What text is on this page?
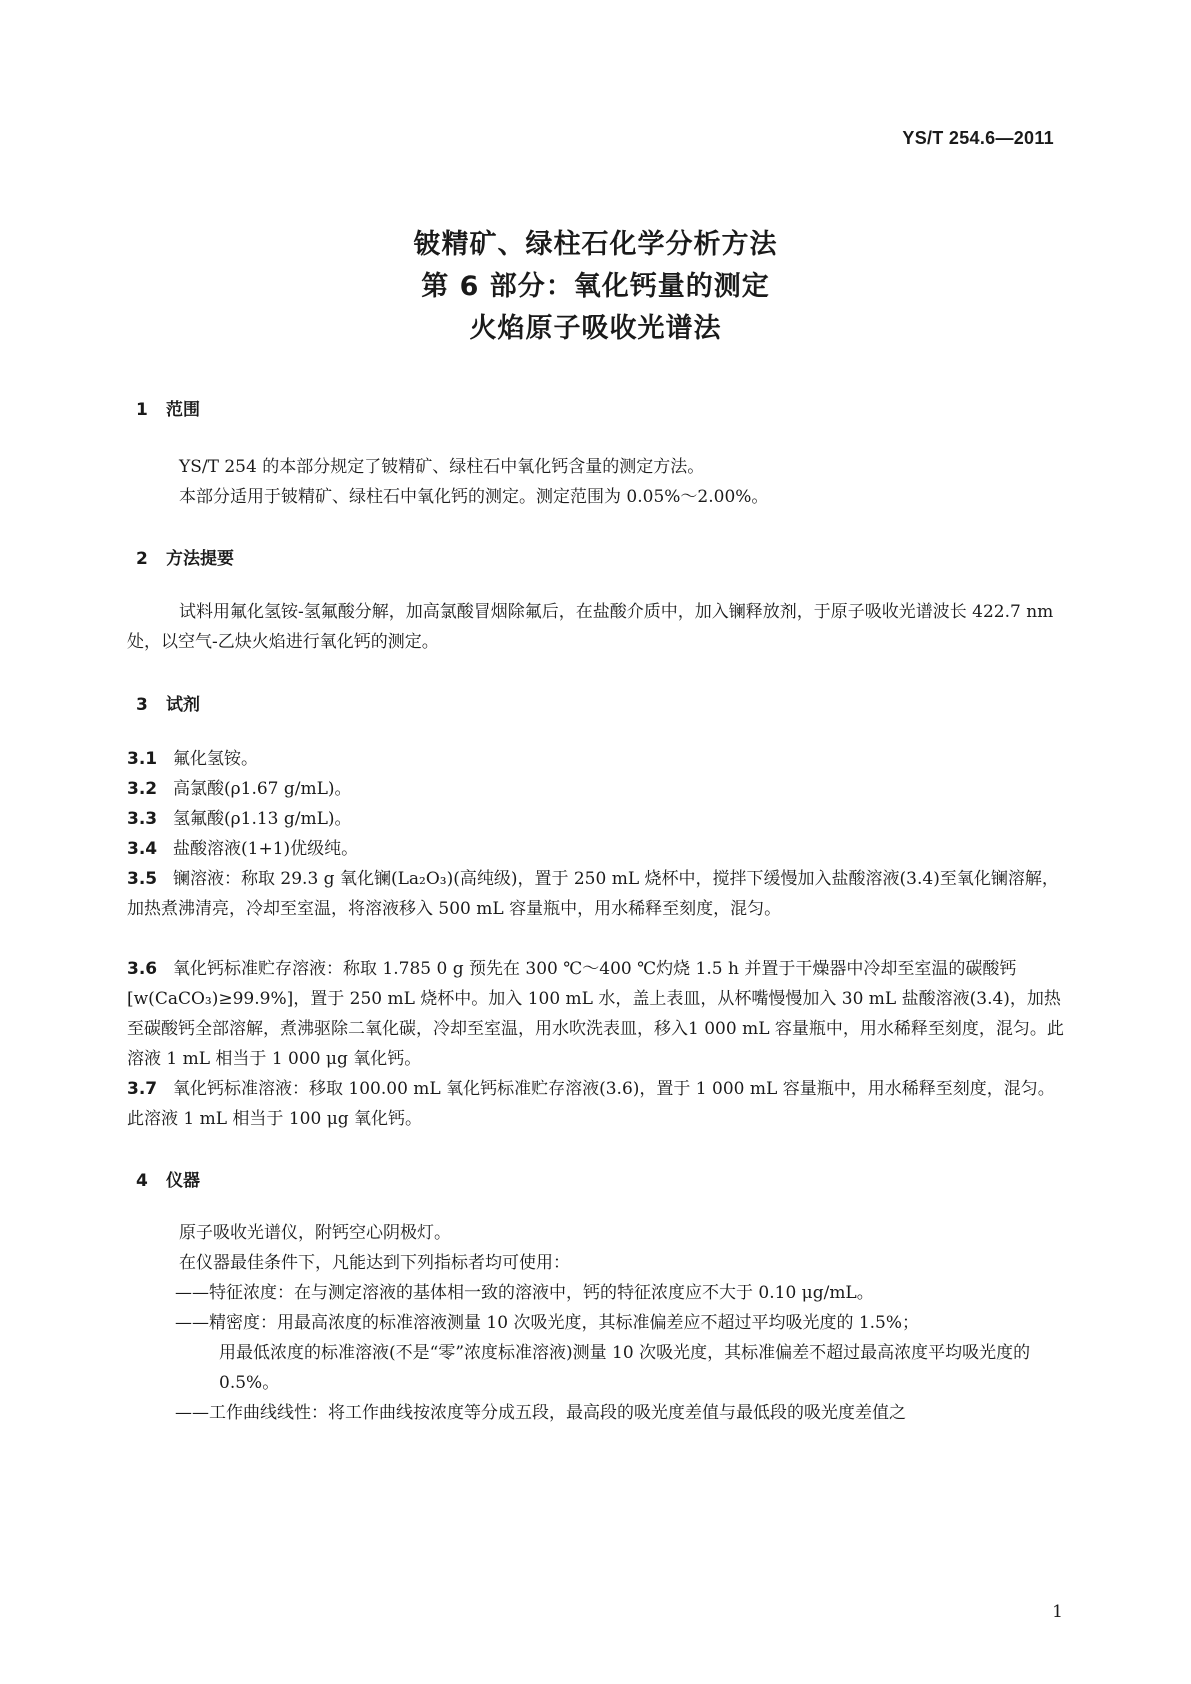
YS/T 254.6—2011
铍精矿、绿柱石化学分析方法
第 6 部分：氧化钙量的测定
火焰原子吸收光谱法
1 范围

YS/T 254 的本部分规定了铍精矿、绿柱石中氧化钙含量的测定方法。

本部分适用于铍精矿、绿柱石中氧化钙的测定。测定范围为 0.05%～2.00%。

2 方法提要

试料用氟化氢铵-氢氟酸分解，加高氯酸冒烟除氟后，在盐酸介质中，加入镧释放剂，于原子吸收光谱波长 422.7 nm 处，以空气-乙炔火焰进行氧化钙的测定。

3 试剂
3.1 氟化氢铵。
3.2 高氯酸(ρ1.67 g/mL)。
3.3 氢氟酸(ρ1.13 g/mL)。
3.4 盐酸溶液(1+1)优级纯。
3.5 镧溶液：称取 29.3 g 氧化镧(La₂O₃)(高纯级)，置于 250 mL 烧杯中，搅拌下缓慢加入盐酸溶液(3.4)至氧化镧溶解，加热煮沸清亮，冷却至室温，将溶液移入 500 mL 容量瓶中，用水稀释至刻度，混匀。
3.6 氧化钙标准贮存溶液：称取 1.785 0 g 预先在 300 ℃～400 ℃灼烧 1.5 h 并置于干燥器中冷却至室温的碳酸钙[w(CaCO₃)≥99.9%]，置于 250 mL 烧杯中。加入 100 mL 水，盖上表皿，从杯嘴慢慢加入 30 mL 盐酸溶液(3.4)，加热至碳酸钙全部溶解，煮沸驱除二氧化碳，冷却至室温，用水吹洗表皿，移入1 000 mL 容量瓶中，用水稀释至刻度，混匀。此溶液 1 mL 相当于 1 000 μg 氧化钙。
3.7 氧化钙标准溶液：移取 100.00 mL 氧化钙标准贮存溶液(3.6)，置于 1 000 mL 容量瓶中，用水稀释至刻度，混匀。此溶液 1 mL 相当于 100 μg 氧化钙。
4 仪器

原子吸收光谱仪，附钙空心阴极灯。

在仪器最佳条件下，凡能达到下列指标者均可使用：

——特征浓度：在与测定溶液的基体相一致的溶液中，钙的特征浓度应不大于 0.10 μg/mL。
——精密度：用最高浓度的标准溶液测量 10 次吸光度，其标准偏差应不超过平均吸光度的 1.5%；
用最低浓度的标准溶液(不是“零”浓度标准溶液)测量 10 次吸光度，其标准偏差不超过最高浓度平均吸光度的 0.5%。
——工作曲线线性：将工作曲线按浓度等分成五段，最高段的吸光度差值与最低段的吸光度差值之
1
